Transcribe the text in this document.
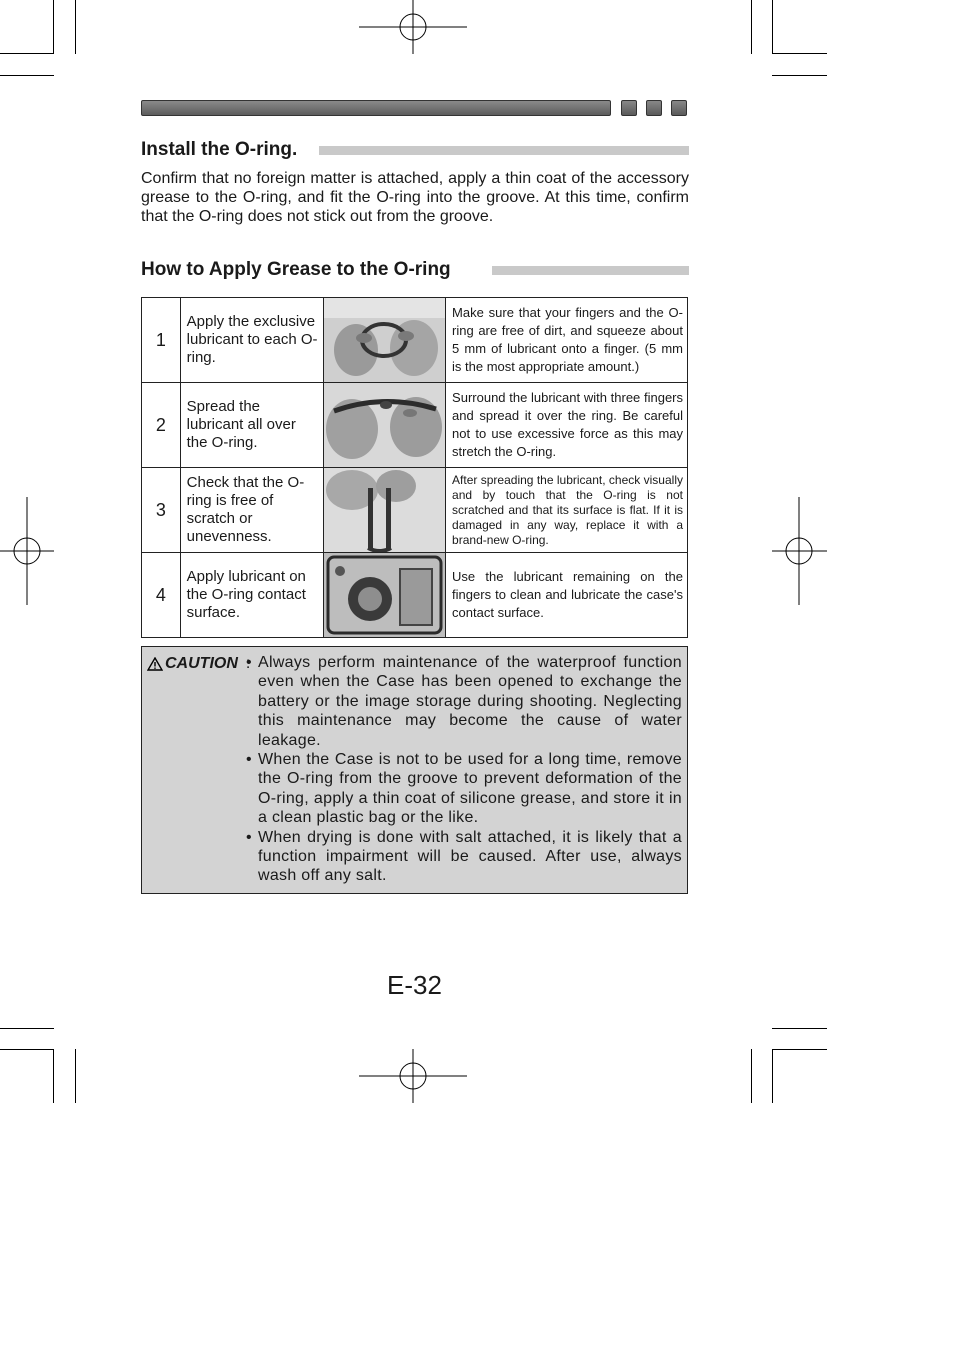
Install the O-ring.
Confirm that no foreign matter is attached, apply a thin coat of the accessory grease to the O-ring, and fit the O-ring into the groove. At this time, confirm that the O-ring does not stick out from the groove.
How to Apply Grease to the O-ring
1	Apply the exclusive lubricant to each O-ring.		Make sure that your fingers and the O-ring are free of dirt, and squeeze about 5 mm of lubricant onto a finger. (5 mm is the most appropriate amount.)
2	Spread the lubricant all over the O-ring.		Surround the lubricant with three fingers and spread it over the ring. Be careful not to use excessive force as this may stretch the O-ring.
3	Check that the O-ring is free of scratch or unevenness.		After spreading the lubricant, check visually and by touch that the O-ring is not scratched and that its surface is flat. If it is damaged in any way, replace it with a brand-new O-ring.
4	Apply lubricant on the O-ring contact surface.		Use the lubricant remaining on the fingers to clean and lubricate the case's contact surface.
CAUTION : • Always perform maintenance of the waterproof function even when the Case has been opened to exchange the battery or the image storage during shooting. Neglecting this maintenance may become the cause of water leakage.
• When the Case is not to be used for a long time, remove the O-ring from the groove to prevent deformation of the O-ring, apply a thin coat of silicone grease, and store it in a clean plastic bag or the like.
• When drying is done with salt attached, it is likely that a function impairment will be caused. After use, always wash off any salt.
E-32
